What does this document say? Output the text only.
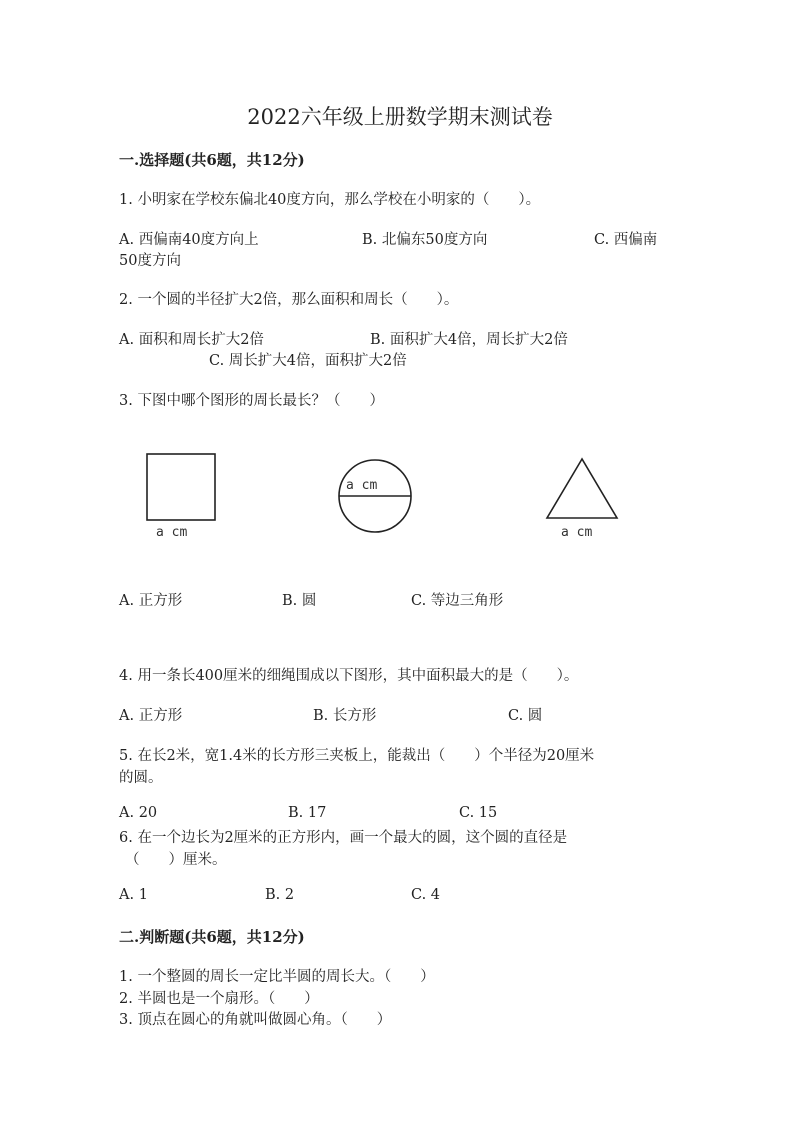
2022六年级上册数学期末测试卷
一.选择题(共6题，共12分)
1. 小明家在学校东偏北40度方向，那么学校在小明家的（　　）。
A. 西偏南40度方向上	B. 北偏东50度方向	C. 西偏南
50度方向
2. 一个圆的半径扩大2倍，那么面积和周长（　　）。
A. 面积和周长扩大2倍	B. 面积扩大4倍，周长扩大2倍
C. 周长扩大4倍，面积扩大2倍
3. 下图中哪个图形的周长最长？（　　）
a cm
a cm
a cm
A. 正方形	B. 圆	C. 等边三角形
4. 用一条长400厘米的细绳围成以下图形，其中面积最大的是（　　）。
A. 正方形	B. 长方形	C. 圆
5. 在长2米，宽1.4米的长方形三夹板上，能裁出（　　）个半径为20厘米
的圆。
A. 20	B. 17	C. 15
6. 在一个边长为2厘米的正方形内，画一个最大的圆，这个圆的直径是
（　　）厘米。
A. 1	B. 2	C. 4
二.判断题(共6题，共12分)
1. 一个整圆的周长一定比半圆的周长大。（　　）
2. 半圆也是一个扇形。（　　）
3. 顶点在圆心的角就叫做圆心角。（　　）
